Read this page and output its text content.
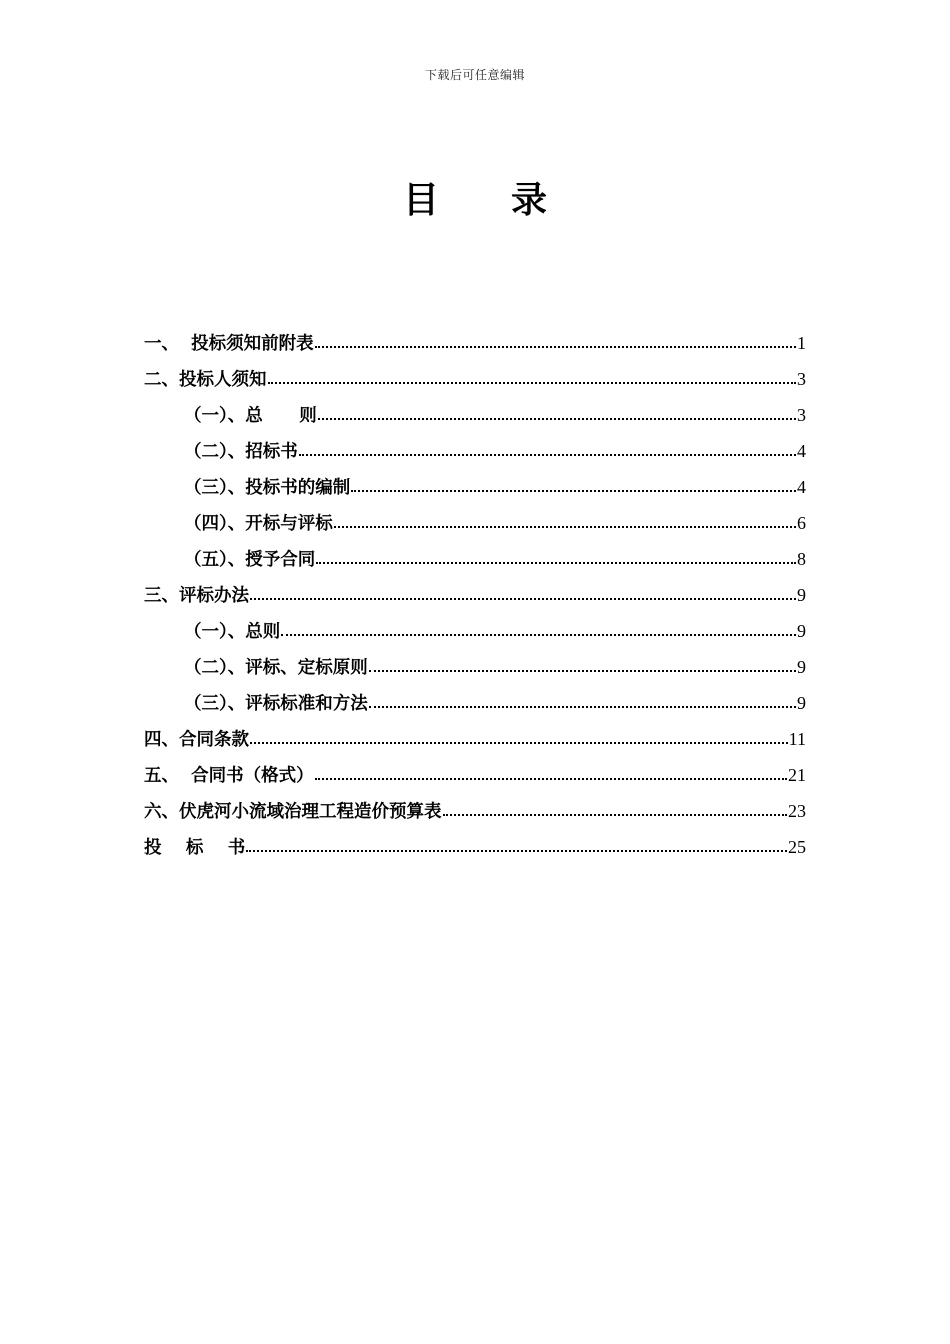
下载后可任意编辑
目 录
一、  投标须知前附表	1
二、投标人须知	3
（一）、总      则	3
（二）、招标书	4
（三）、投标书的编制	4
（四）、开标与评标	6
（五）、授予合同	8
三、评标办法	9
（一）、总则	9
（二）、评标、定标原则	9
（三）、评标标准和方法	9
四、合同条款	11
五、  合同书（格式）	21
六、伏虎河小流域治理工程造价预算表	23
投    标    书	25
